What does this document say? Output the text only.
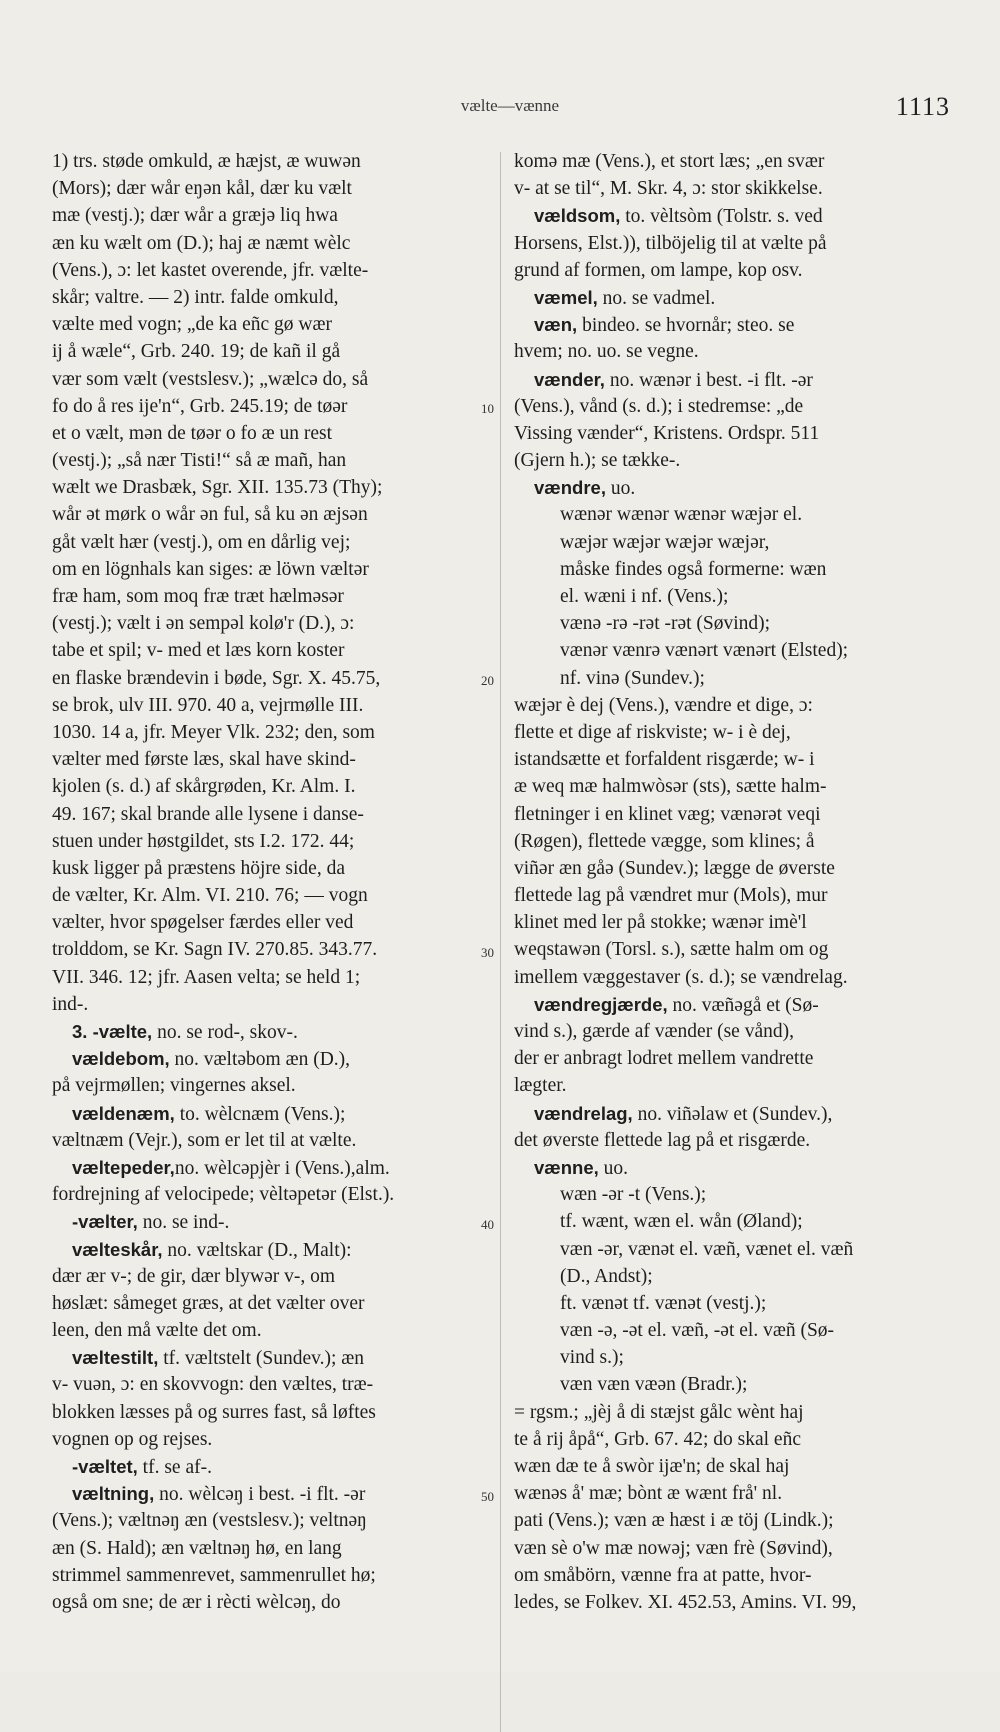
vælte—vænne	1113
1) trs. støde omkuld, æ hæjst, æ wuwən
(Mors); dær wår eŋən kål, dær ku vælt
mæ (vestj.); dær wår a græjə liq hwa
æn ku wælt om (D.); haj æ næmt wèlc
(Vens.), ɔ: let kastet overende, jfr. vælte-
skår; valtre. — 2) intr. falde omkuld,
vælte med vogn; „de ka eñc gø wær
ij å wæle“, Grb. 240. 19; de kañ il gå
vær som vælt (vestslesv.); „wælcə do, så
fo do å res ije'n“, Grb. 245.19; de tøər
et o vælt, mən de tøər o fo æ un rest
(vestj.); „så nær Tisti!“ så æ mañ, han
wælt we Drasbæk, Sgr. XII. 135.73 (Thy);
wår ət mørk o wår ən ful, så ku ən æjsən
gåt vælt hær (vestj.), om en dårlig vej;
om en lögnhals kan siges: æ löwn væltər
fræ ham, som moq fræ træt hælməsər
(vestj.); vælt i ən sempəl kolø'r (D.), ɔ:
tabe et spil; v- med et læs korn koster
en flaske brændevin i bøde, Sgr. X. 45.75,
se brok, ulv III. 970. 40 a, vejrmølle III.
1030. 14 a, jfr. Meyer Vlk. 232; den, som
vælter med første læs, skal have skind-
kjolen (s. d.) af skårgrøden, Kr. Alm. I.
49. 167; skal brande alle lysene i danse-
stuen under høstgildet, sts I.2. 172. 44;
kusk ligger på præstens höjre side, da
de vælter, Kr. Alm. VI. 210. 76; — vogn
vælter, hvor spøgelser færdes eller ved
trolddom, se Kr. Sagn IV. 270.85. 343.77.
VII. 346. 12; jfr. Aasen velta; se held 1;
ind-.
3. -vælte, no. se rod-, skov-.
vældebom, no. væltəbom æn (D.),
på vejrmøllen; vingernes aksel.
vældenæm, to. wèlcnæm (Vens.);
væltnæm (Vejr.), som er let til at vælte.
væltepeder,no. wèlcəpjèr i (Vens.),alm.
fordrejning af velocipede; vèltəpetər (Elst.).
-vælter, no. se ind-.
vælteskår, no. væltskar (D., Malt):
dær ær v-; de gir, dær blywər v-, om
høslæt: såmeget græs, at det vælter over
leen, den må vælte det om.
væltestilt, tf. væltstelt (Sundev.); æn
v- vuən, ɔ: en skovvogn: den væltes, træ-
blokken læsses på og surres fast, så løftes
vognen op og rejses.
-væltet, tf. se af-.
væltning, no. wèlcəŋ i best. -i flt. -ər
(Vens.); væltnəŋ æn (vestslesv.); veltnəŋ
æn (S. Hald); æn væltnəŋ hø, en lang
strimmel sammenrevet, sammenrullet hø;
også om sne; de ær i rècti wèlcəŋ, do
komə mæ (Vens.), et stort læs; „en svær
v- at se til“, M. Skr. 4, ɔ: stor skikkelse.
vældsom, to. vèltsòm (Tolstr. s. ved
Horsens, Elst.)), tilböjelig til at vælte på
grund af formen, om lampe, kop osv.
væmel, no. se vadmel.
væn, bindeo. se hvornår; steo. se
hvem; no. uo. se vegne.
vænder, no. wænər i best. -i flt. -ər
(Vens.), vånd (s. d.); i stedremse: „de
Vissing vænder“, Kristens. Ordspr. 511
(Gjern h.); se tække-.
vændre, uo.
wænər wænər wænər wæjər el.
wæjər wæjər wæjər wæjər,
måske findes også formerne: wæn
el. wæni i nf. (Vens.);
vænə -rə -rət -rət (Søvind);
vænər vænrə vænərt vænərt (Elsted);
nf. vinə (Sundev.);
wæjər è dej (Vens.), vændre et dige, ɔ:
flette et dige af riskviste; w- i è dej,
istandsætte et forfaldent risgærde; w- i
æ weq mæ halmwòsər (sts), sætte halm-
fletninger i en klinet væg; vænərət veqi
(Røgen), flettede vægge, som klines; å
viñər æn gåə (Sundev.); lægge de øverste
flettede lag på vændret mur (Mols), mur
klinet med ler på stokke; wænər imè'l
weqstawən (Torsl. s.), sætte halm om og
imellem væggestaver (s. d.); se vændrelag.
vændregjærde, no. væñəgå et (Sø-
vind s.), gærde af vænder (se vånd),
der er anbragt lodret mellem vandrette
lægter.
vændrelag, no. viñəlaw et (Sundev.),
det øverste flettede lag på et risgærde.
vænne, uo.
wæn -ər -t (Vens.);
tf. wænt, wæn el. wån (Øland);
væn -ər, vænət el. væñ, vænet el. væñ
(D., Andst);
ft. vænət tf. vænət (vestj.);
væn -ə, -ət el. væñ, -ət el. væñ (Sø-
vind s.);
væn væn væən (Bradr.);
= rgsm.; „jèj å di stæjst gålc wènt haj
te å rij åpå“, Grb. 67. 42; do skal eñc
wæn dæ te å swòr ijæ'n; de skal haj
wænəs å' mæ; bònt æ wænt frå' nl.
pati (Vens.); væn æ hæst i æ töj (Lindk.);
væn sè o'w mæ nowəj; væn frè (Søvind),
om småbörn, vænne fra at patte, hvor-
ledes, se Folkev. XI. 452.53, Amins. VI. 99,
10
20
30
40
50
